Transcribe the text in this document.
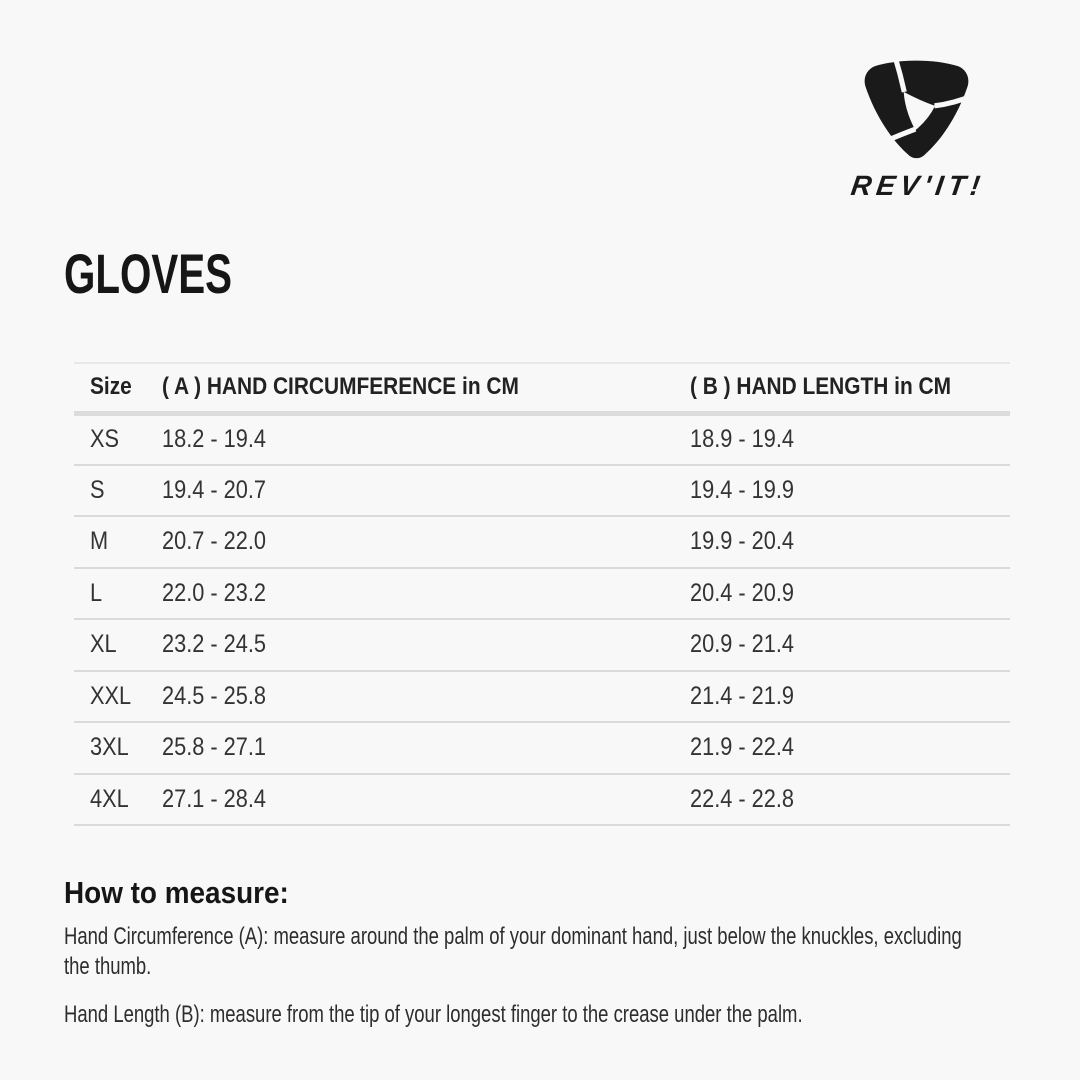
REV'IT!
GLOVES
Size	( A ) HAND CIRCUMFERENCE in CM	( B ) HAND LENGTH in CM
XS	18.2 - 19.4	18.9 - 19.4
S	19.4 - 20.7	19.4 - 19.9
M	20.7 - 22.0	19.9 - 20.4
L	22.0 - 23.2	20.4 - 20.9
XL	23.2 - 24.5	20.9 - 21.4
XXL	24.5 - 25.8	21.4 - 21.9
3XL	25.8 - 27.1	21.9 - 22.4
4XL	27.1 - 28.4	22.4 - 22.8
How to measure:

Hand Circumference (A): measure around the palm of your dominant hand, just below the knuckles, excluding the thumb.

Hand Length (B): measure from the tip of your longest finger to the crease under the palm.
